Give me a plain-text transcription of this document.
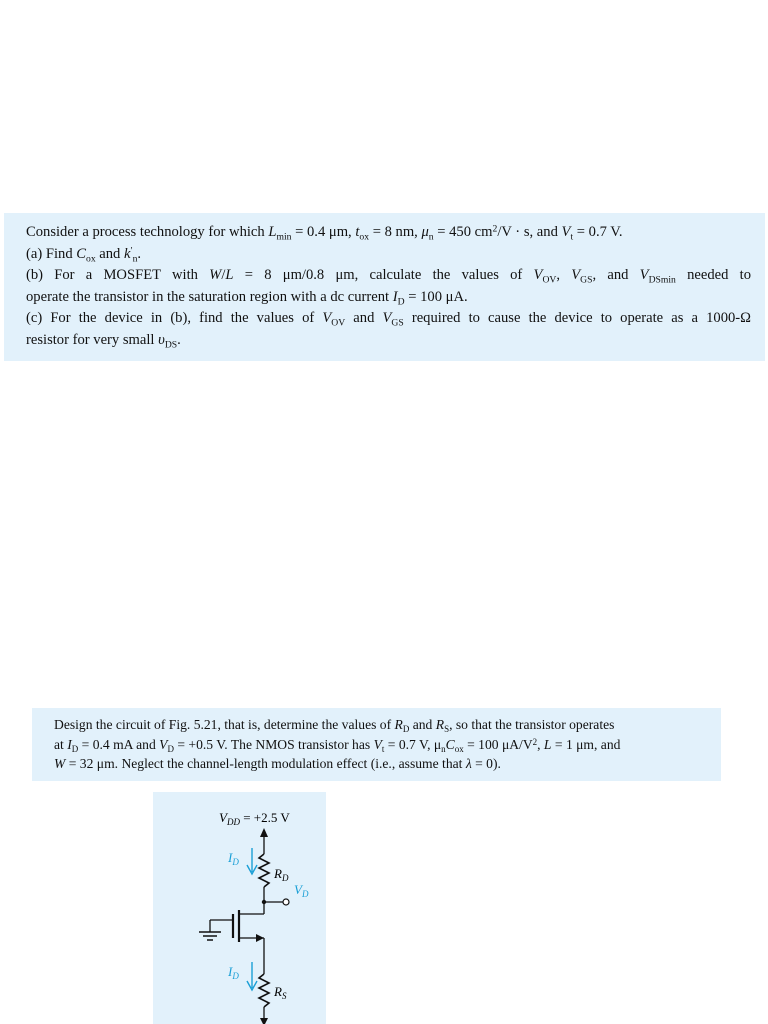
Consider a process technology for which $L_{min} = 0.4$ μm, $t_{ox} = 8$ nm, $\mu_n = 450$ $cm^2/V \cdot s$, and $V_t = 0.7$ V.
(a) Find $C_{ox}$ and $k'_n$.
(b) For a MOSFET with W/L = 8 μm/0.8 μm, calculate the values of $V_{OV}$, $V_{GS}$, and $V_{DSmin}$ needed to
operate the transistor in the saturation region with a dc current $I_D = 100$ μA.
(c) For the device in (b), find the values of $V_{OV}$ and $V_{GS}$ required to cause the device to operate as a 1000-Ω
resistor for very small $\upsilon_{DS}$.
Design the circuit of Fig. 5.21, that is, determine the values of $R_D$ and $R_S$, so that the transistor operates
at $I_D = 0.4$ mA and $V_D = +0.5$ V. The NMOS transistor has $V_t = 0.7$ V, $\mu_nC_{ox} = 100$ $\mu A/V^2$, L = 1 μm, and
W = 32 μm. Neglect the channel-length modulation effect (i.e., assume that λ = 0).
$V_{DD} = +2.5$ V
$I_D$
$R_D$
$V_D$
$I_D$
$R_S$
